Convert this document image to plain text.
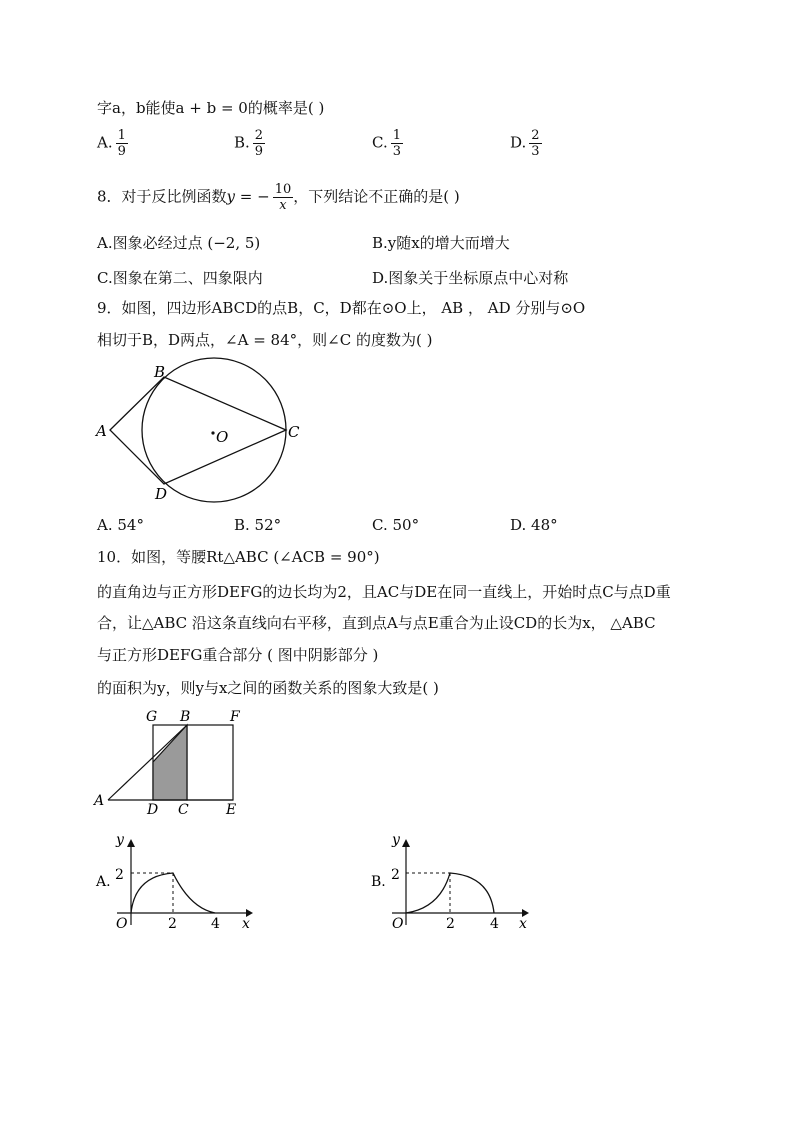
字a，b能使a + b = 0的概率是( )
A. $\frac{1}{9}$	B. $\frac{2}{9}$	C. $\frac{1}{3}$	D. $\frac{2}{3}$
8．对于反比例函数y = − $\frac{10}{x}$ ，下列结论不正确的是( )
A.图象必经过点 (−2, 5)	B.y随x的增大而增大
C.图象在第二、四象限内	D.图象关于坐标原点中心对称
9．如图，四边形ABCD的点B，C，D都在⊙O上， AB ， AD 分别与⊙O
相切于B，D两点，∠A = 84°，则∠C 的度数为( )
B
A	O	C
D
G B	F
A
D C	E
A.
y
2
O	2 4 x
B.
y
2
O	2	4 x
A. 54°	B. 52°	C. 50°	D. 48°
10．如图，等腰Rt△ABC (∠ACB = 90°)
的直角边与正方形DEFG的边长均为2，且AC与DE在同一直线上，开始时点C与点D重
合，让△ABC 沿这条直线向右平移，直到点A与点E重合为止设CD的长为x， △ABC
与正方形DEFG重合部分 ( 图中阴影部分 )
的面积为y，则y与x之间的函数关系的图象大致是( )
